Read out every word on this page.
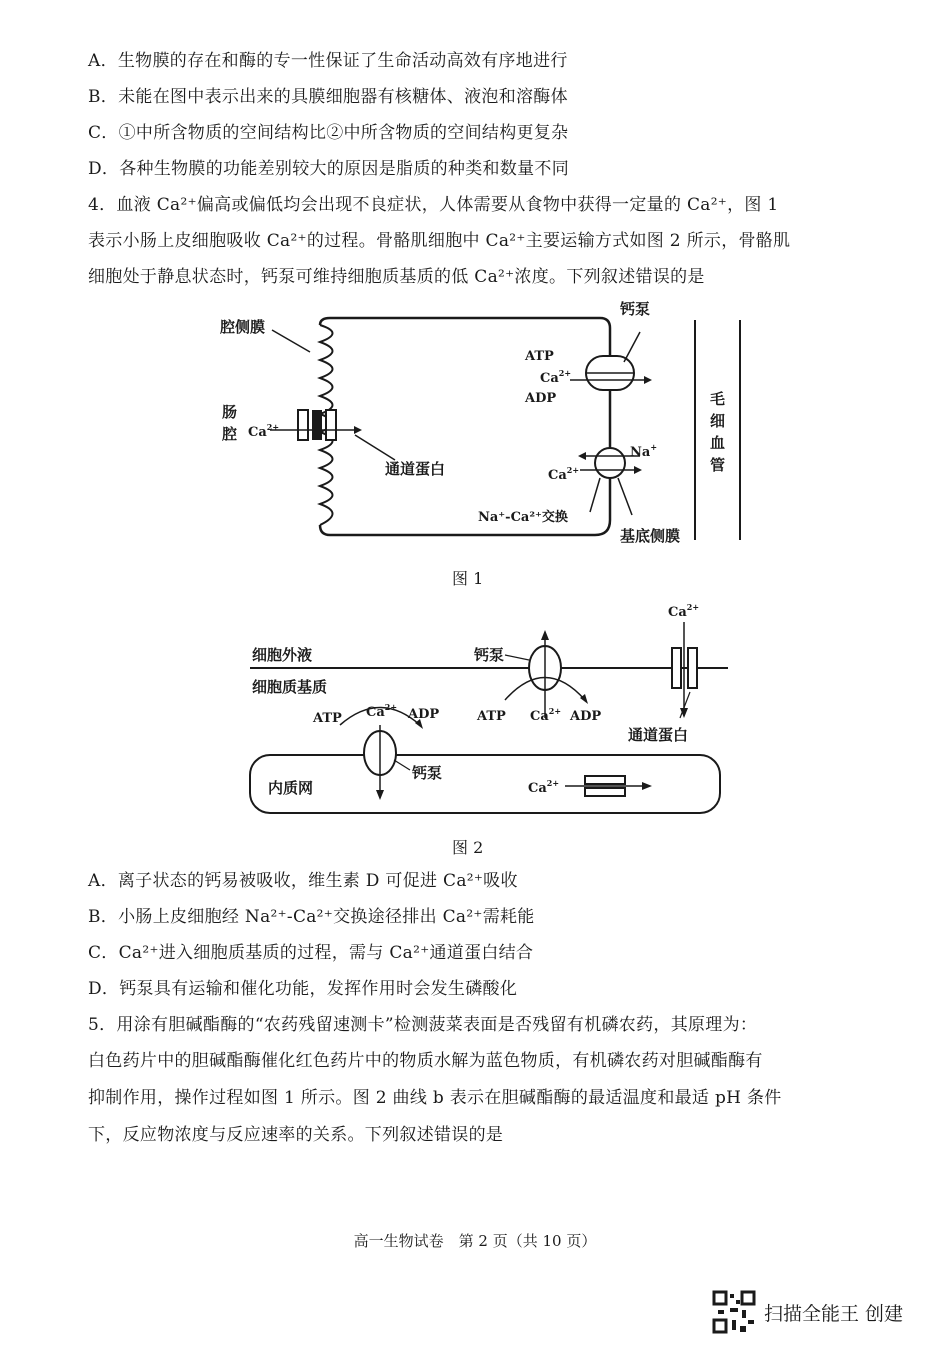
A．生物膜的存在和酶的专一性保证了生命活动高效有序地进行
B．未能在图中表示出来的具膜细胞器有核糖体、液泡和溶酶体
C．①中所含物质的空间结构比②中所含物质的空间结构更复杂
D．各种生物膜的功能差别较大的原因是脂质的种类和数量不同
4．血液 Ca²⁺偏高或偏低均会出现不良症状，人体需要从食物中获得一定量的 Ca²⁺，图 1
表示小肠上皮细胞吸收 Ca²⁺的过程。骨骼肌细胞中 Ca²⁺主要运输方式如图 2 所示，骨骼肌
细胞处于静息状态时，钙泵可维持细胞质基质的低 Ca²⁺浓度。下列叙述错误的是
腔侧膜
肠
腔 $Ca^{2+}$
通道蛋白
钙泵
ATP
$Ca^{2+}$
ADP
Na+
$Ca^{2+}$
Na⁺-Ca²⁺交换
基底侧膜
毛
细
血
管
图 1
细胞外液
细胞质基质
钙泵
ATP $Ca^{2+}$ ADP
$Ca^{2+}$
通道蛋白
ATP $Ca^{2+}$ ADP
钙泵
内质网	$Ca^{2+}$
图 2
A．离子状态的钙易被吸收，维生素 D 可促进 Ca²⁺吸收
B．小肠上皮细胞经 Na²⁺-Ca²⁺交换途径排出 Ca²⁺需耗能
C．Ca²⁺进入细胞质基质的过程，需与 Ca²⁺通道蛋白结合
D．钙泵具有运输和催化功能，发挥作用时会发生磷酸化
5．用涂有胆碱酯酶的“农药残留速测卡”检测菠菜表面是否残留有机磷农药，其原理为：
白色药片中的胆碱酯酶催化红色药片中的物质水解为蓝色物质，有机磷农药对胆碱酯酶有
抑制作用，操作过程如图 1 所示。图 2 曲线 b 表示在胆碱酯酶的最适温度和最适 pH 条件
下，反应物浓度与反应速率的关系。下列叙述错误的是
高一生物试卷　第 2 页（共 10 页）
扫描全能王 创建
